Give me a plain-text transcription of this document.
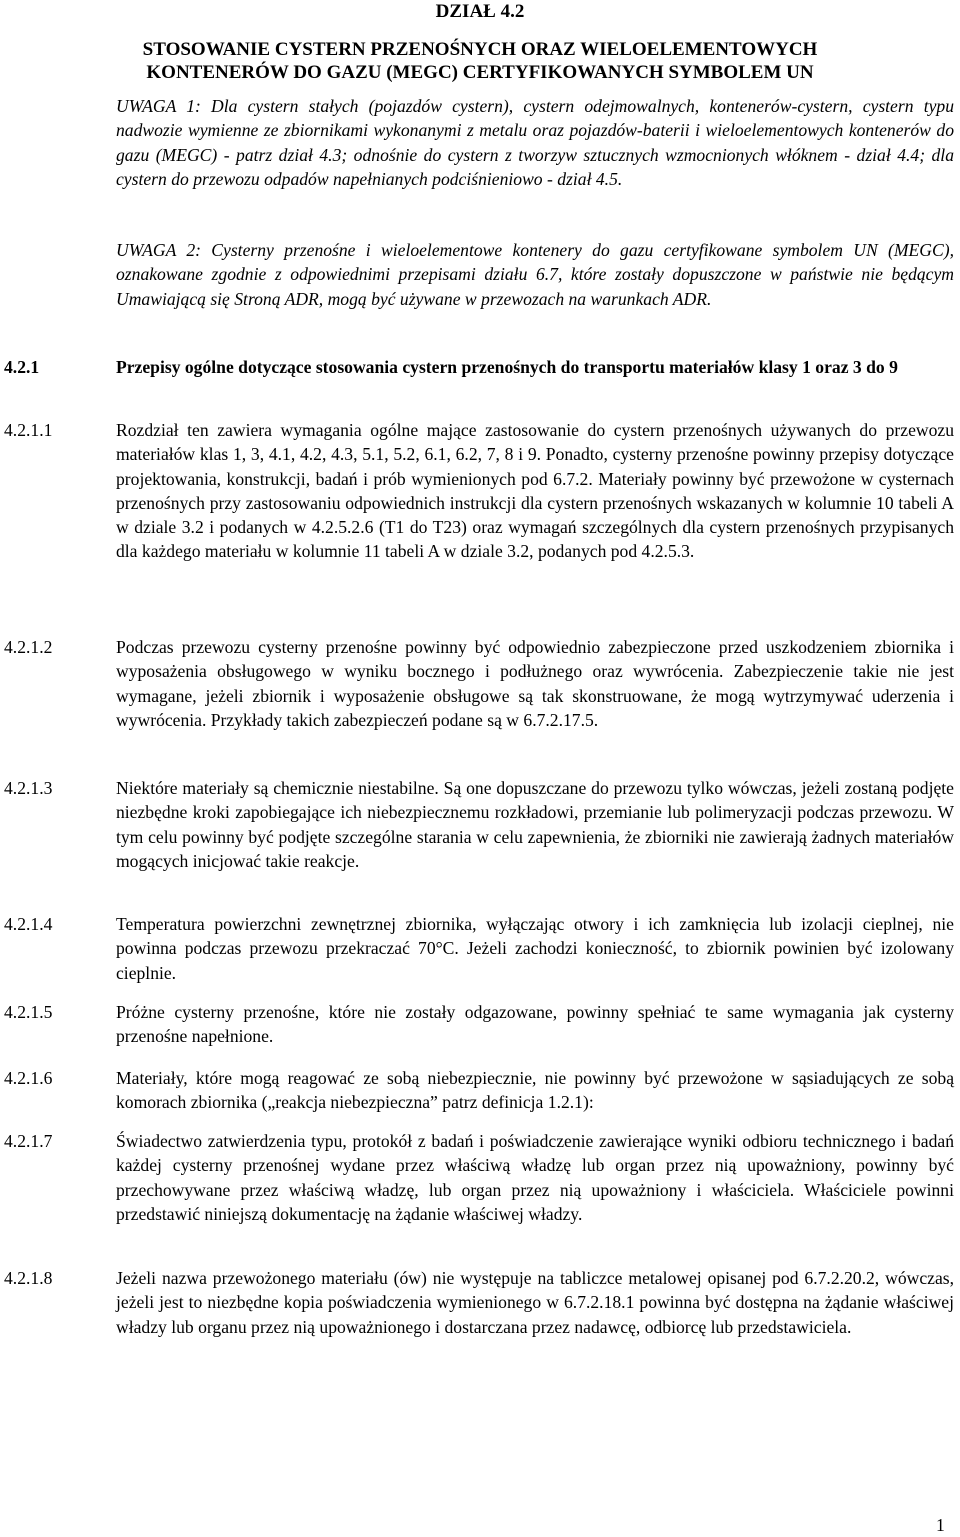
DZIAŁ 4.2
STOSOWANIE CYSTERN PRZENOŚNYCH ORAZ WIELOELEMENTOWYCH KONTENERÓW DO GAZU (MEGC) CERTYFIKOWANYCH SYMBOLEM UN
UWAGA 1: Dla cystern stałych (pojazdów cystern), cystern odejmowalnych, kontenerów-cystern, cystern typu nadwozie wymienne ze zbiornikami wykonanymi z metalu oraz pojazdów-baterii i wieloelementowych kontenerów do gazu (MEGC) - patrz dział 4.3; odnośnie do cystern z tworzyw sztucznych wzmocnionych włóknem - dział 4.4; dla cystern do przewozu odpadów napełnianych podciśnieniowo - dział 4.5.
UWAGA 2: Cysterny przenośne i wieloelementowe kontenery do gazu certyfikowane symbolem UN (MEGC), oznakowane zgodnie z odpowiednimi przepisami działu 6.7, które zostały dopuszczone w państwie nie będącym Umawiającą się Stroną ADR, mogą być używane w przewozach na warunkach ADR.
4.2.1	Przepisy ogólne dotyczące stosowania cystern przenośnych do transportu materiałów klasy 1 oraz 3 do 9
4.2.1.1	Rozdział ten zawiera wymagania ogólne mające zastosowanie do cystern przenośnych używanych do przewozu materiałów klas 1, 3, 4.1, 4.2, 4.3, 5.1, 5.2, 6.1, 6.2, 7, 8 i 9. Ponadto, cysterny przenośne powinny przepisy dotyczące projektowania, konstrukcji, badań i prób wymienionych pod 6.7.2. Materiały powinny być przewożone w cysternach przenośnych przy zastosowaniu odpowiednich instrukcji dla cystern przenośnych wskazanych w kolumnie 10 tabeli A w dziale 3.2 i podanych w 4.2.5.2.6 (T1 do T23) oraz wymagań szczególnych dla cystern przenośnych przypisanych dla każdego materiału w kolumnie 11 tabeli A w dziale 3.2, podanych pod 4.2.5.3.
4.2.1.2	Podczas przewozu cysterny przenośne powinny być odpowiednio zabezpieczone przed uszkodzeniem zbiornika i wyposażenia obsługowego w wyniku bocznego i podłużnego oraz wywrócenia. Zabezpieczenie takie nie jest wymagane, jeżeli zbiornik i wyposażenie obsługowe są tak skonstruowane, że mogą wytrzymywać uderzenia i wywrócenia. Przykłady takich zabezpieczeń podane są w 6.7.2.17.5.
4.2.1.3	Niektóre materiały są chemicznie niestabilne. Są one dopuszczane do przewozu tylko wówczas, jeżeli zostaną podjęte niezbędne kroki zapobiegające ich niebezpiecznemu rozkładowi, przemianie lub polimeryzacji podczas przewozu. W tym celu powinny być podjęte szczególne starania w celu zapewnienia, że zbiorniki nie zawierają żadnych materiałów mogących inicjować takie reakcje.
4.2.1.4	Temperatura powierzchni zewnętrznej zbiornika, wyłączając otwory i ich zamknięcia lub izolacji cieplnej, nie powinna podczas przewozu przekraczać 70°C. Jeżeli zachodzi konieczność, to zbiornik powinien być izolowany cieplnie.
4.2.1.5	Próżne cysterny przenośne, które nie zostały odgazowane, powinny spełniać te same wymagania jak cysterny przenośne napełnione.
4.2.1.6	Materiały, które mogą reagować ze sobą niebezpiecznie, nie powinny być przewożone w sąsiadujących ze sobą komorach zbiornika („reakcja niebezpieczna” patrz definicja 1.2.1):
4.2.1.7	Świadectwo zatwierdzenia typu, protokół z badań i poświadczenie zawierające wyniki odbioru technicznego i badań każdej cysterny przenośnej wydane przez właściwą władzę lub organ przez nią upoważniony, powinny być przechowywane przez właściwą władzę, lub organ przez nią upoważniony i właściciela. Właściciele powinni przedstawić niniejszą dokumentację na żądanie właściwej władzy.
4.2.1.8	Jeżeli nazwa przewożonego materiału (ów) nie występuje na tabliczce metalowej opisanej pod 6.7.2.20.2, wówczas, jeżeli jest to niezbędne kopia poświadczenia wymienionego w 6.7.2.18.1 powinna być dostępna na żądanie właściwej władzy lub organu przez nią upoważnionego i dostarczana przez nadawcę, odbiorcę lub przedstawiciela.
1
